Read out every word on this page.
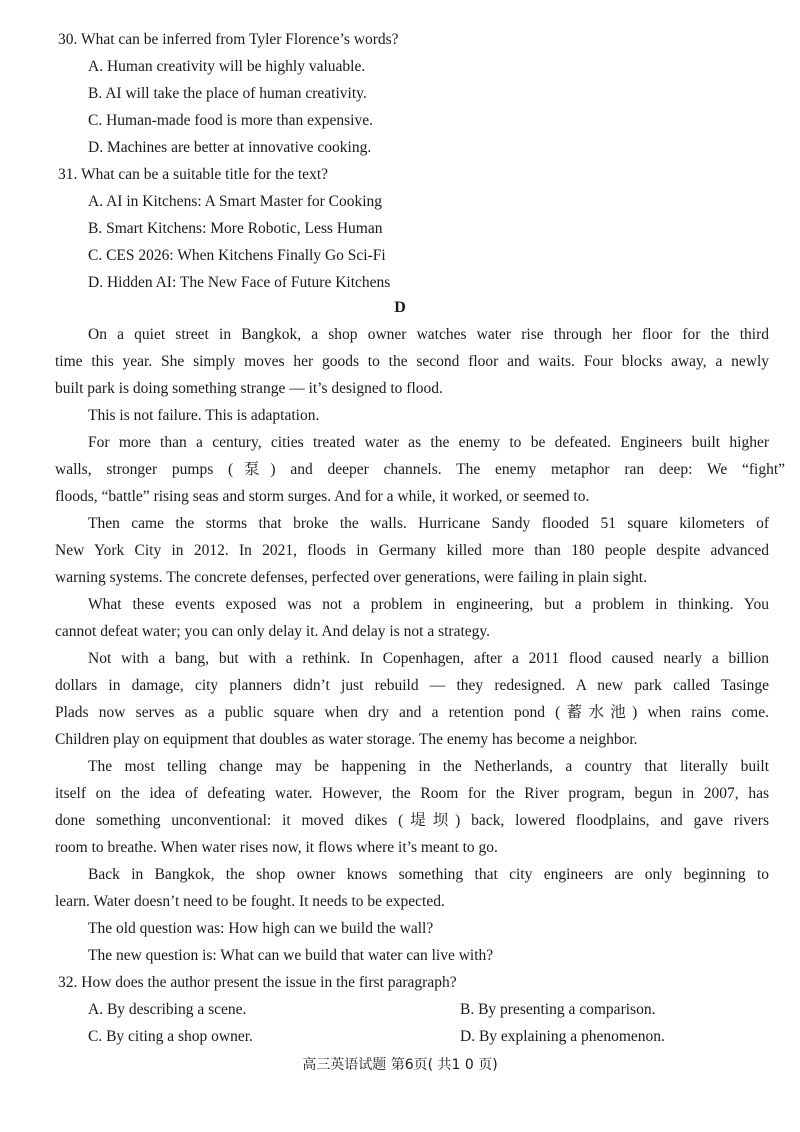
30. What can be inferred from Tyler Florence’s words?
A. Human creativity will be highly valuable.
B. AI will take the place of human creativity.
C. Human-made food is more than expensive.
D. Machines are better at innovative cooking.
31. What can be a suitable title for the text?
A. AI in Kitchens: A Smart Master for Cooking
B. Smart Kitchens: More Robotic, Less Human
C. CES 2026: When Kitchens Finally Go Sci-Fi
D. Hidden AI: The New Face of Future Kitchens
D
On a quiet street in Bangkok, a shop owner watches water rise through her floor for the third
time this year. She simply moves her goods to the second floor and waits. Four blocks away, a newly
built park is doing something strange — it’s designed to flood.
This is not failure. This is adaptation.
For more than a century, cities treated water as the enemy to be defeated. Engineers built higher
walls, stronger pumps (泵) and deeper channels. The enemy metaphor ran deep: We “fight”
floods, “battle” rising seas and storm surges. And for a while, it worked, or seemed to.
Then came the storms that broke the walls. Hurricane Sandy flooded 51 square kilometers of
New York City in 2012. In 2021, floods in Germany killed more than 180 people despite advanced
warning systems. The concrete defenses, perfected over generations, were failing in plain sight.
What these events exposed was not a problem in engineering, but a problem in thinking. You
cannot defeat water; you can only delay it. And delay is not a strategy.
Not with a bang, but with a rethink. In Copenhagen, after a 2011 flood caused nearly a billion
dollars in damage, city planners didn’t just rebuild — they redesigned. A new park called Tasinge
Plads now serves as a public square when dry and a retention pond (蓄水池) when rains come.
Children play on equipment that doubles as water storage. The enemy has become a neighbor.
The most telling change may be happening in the Netherlands, a country that literally built
itself on the idea of defeating water. However, the Room for the River program, begun in 2007, has
done something unconventional: it moved dikes (堤坝) back, lowered floodplains, and gave rivers
room to breathe. When water rises now, it flows where it’s meant to go.
Back in Bangkok, the shop owner knows something that city engineers are only beginning to
learn. Water doesn’t need to be fought. It needs to be expected.
The old question was: How high can we build the wall?
The new question is: What can we build that water can live with?
32. How does the author present the issue in the first paragraph?
A. By describing a scene.	B. By presenting a comparison.
C. By citing a shop owner.	D. By explaining a phenomenon.
高三英语试题 第6页( 共1 0 页)
